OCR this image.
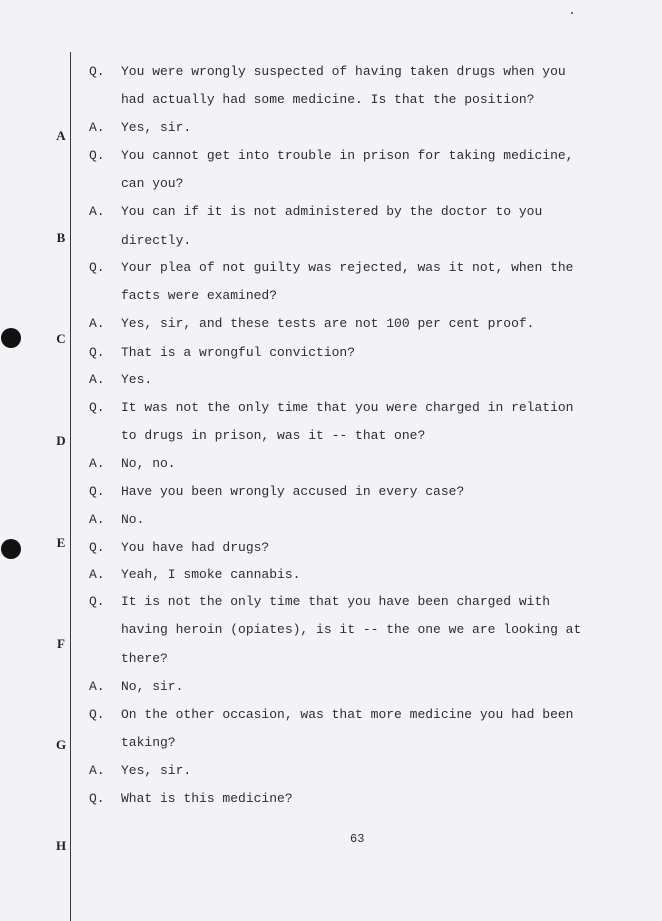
A
B
C
D
E
F
G
H
Q. You were wrongly suspected of having taken drugs when you
had actually had some medicine. Is that the position?
A. Yes, sir.
Q. You cannot get into trouble in prison for taking medicine,
can you?
A. You can if it is not administered by the doctor to you
directly.
Q. Your plea of not guilty was rejected, was it not, when the
facts were examined?
A. Yes, sir, and these tests are not 100 per cent proof.
Q. That is a wrongful conviction?
A. Yes.
Q. It was not the only time that you were charged in relation
to drugs in prison, was it -- that one?
A. No, no.
Q. Have you been wrongly accused in every case?
A. No.
Q. You have had drugs?
A. Yeah, I smoke cannabis.
Q. It is not the only time that you have been charged with
having heroin (opiates), is it -- the one we are looking at
there?
A. No, sir.
Q. On the other occasion, was that more medicine you had been
taking?
A. Yes, sir.
Q. What is this medicine?
63
